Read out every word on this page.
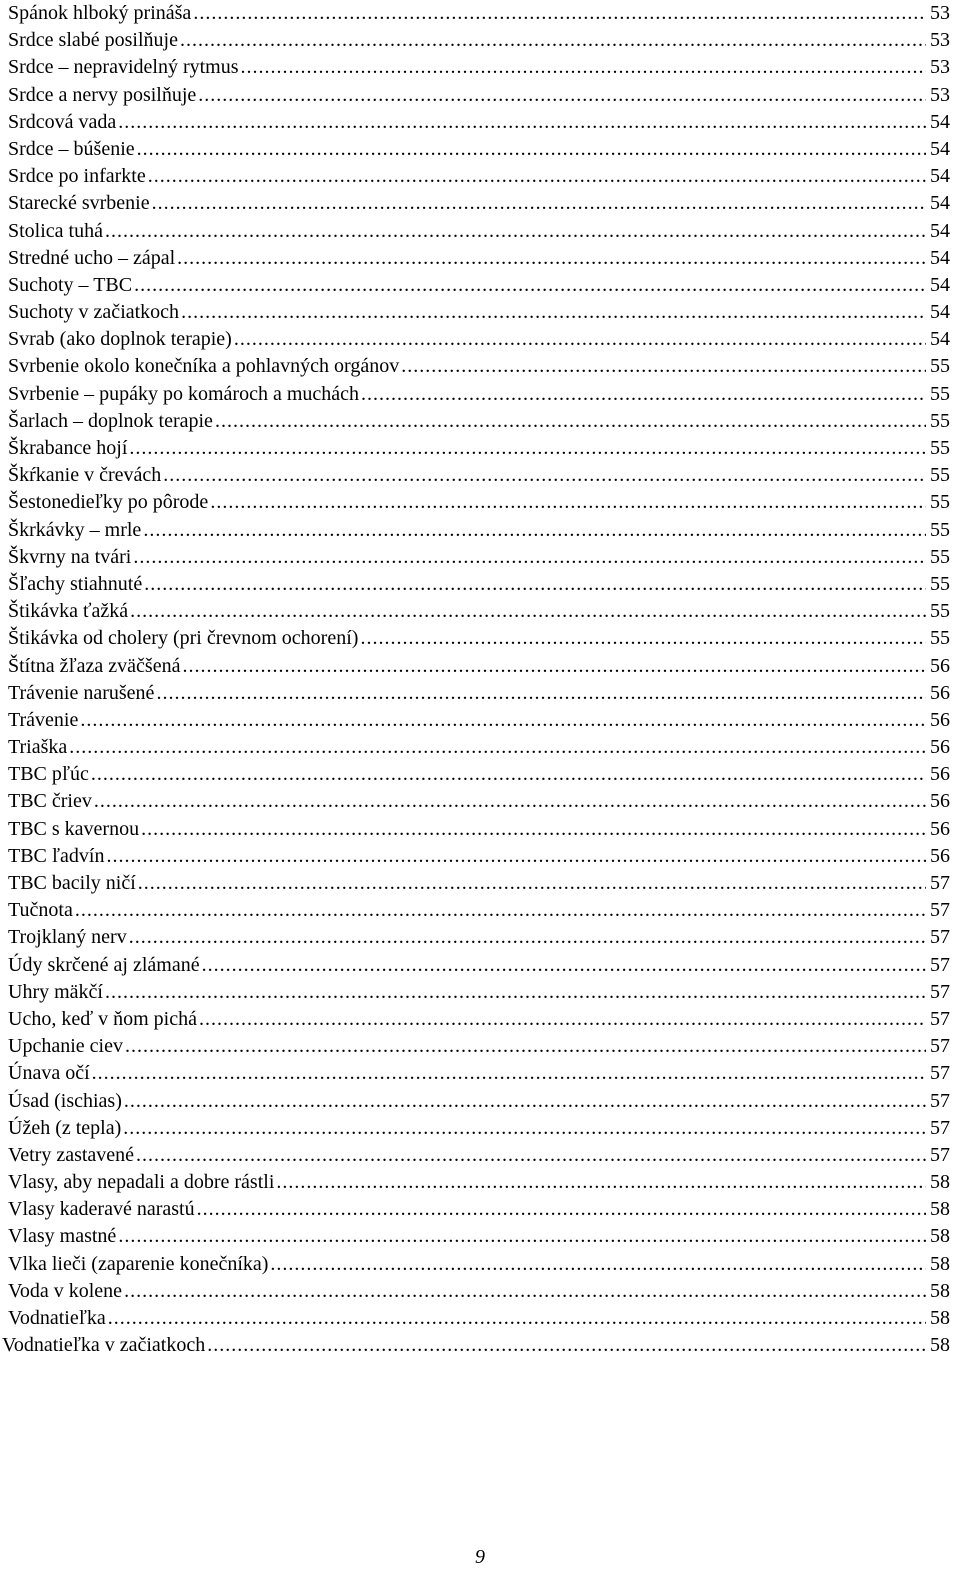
Spánok hlboký prináša .....	53
Srdce slabé posilňuje .....	53
Srdce – nepravidelný rytmus .....	53
Srdce a nervy posilňuje .....	53
Srdcová vada .....	54
Srdce – búšenie .....	54
Srdce po infarkte .....	54
Starecké svrbenie .....	54
Stolica tuhá .....	54
Stredné ucho – zápal .....	54
Suchoty – TBC .....	54
Suchoty v začiatkoch .....	54
Svrab (ako doplnok terapie) .....	54
Svrbenie okolo konečníka a pohlavných orgánov .....	55
Svrbenie – pupáky po komároch a muchách .....	55
Šarlach – doplnok terapie .....	55
Škrabance hojí .....	55
Škŕkanie v črevách .....	55
Šestonedieľky po pôrode .....	55
Škrkávky – mrle .....	55
Škvrny na tvári .....	55
Šľachy stiahnuté .....	55
Štikávka ťažká .....	55
Štikávka od cholery (pri črevnom ochorení) .....	55
Štítna žľaza zväčšená .....	56
Trávenie narušené .....	56
Trávenie .....	56
Triaška .....	56
TBC pľúc .....	56
TBC čriev .....	56
TBC s kavernou .....	56
TBC ľadvín .....	56
TBC bacily ničí .....	57
Tučnota .....	57
Trojklaný nerv .....	57
Údy skrčené aj zlámané .....	57
Uhry mäkčí .....	57
Ucho, keď v ňom pichá .....	57
Upchanie ciev .....	57
Únava očí .....	57
Úsad (ischias) .....	57
Úžeh (z tepla) .....	57
Vetry zastavené .....	57
Vlasy, aby nepadali a dobre rástli .....	58
Vlasy kaderavé narastú .....	58
Vlasy mastné .....	58
Vlka lieči (zaparenie konečníka) .....	58
Voda v kolene .....	58
Vodnatieľka .....	58
Vodnatieľka v začiatkoch .....	58
9
